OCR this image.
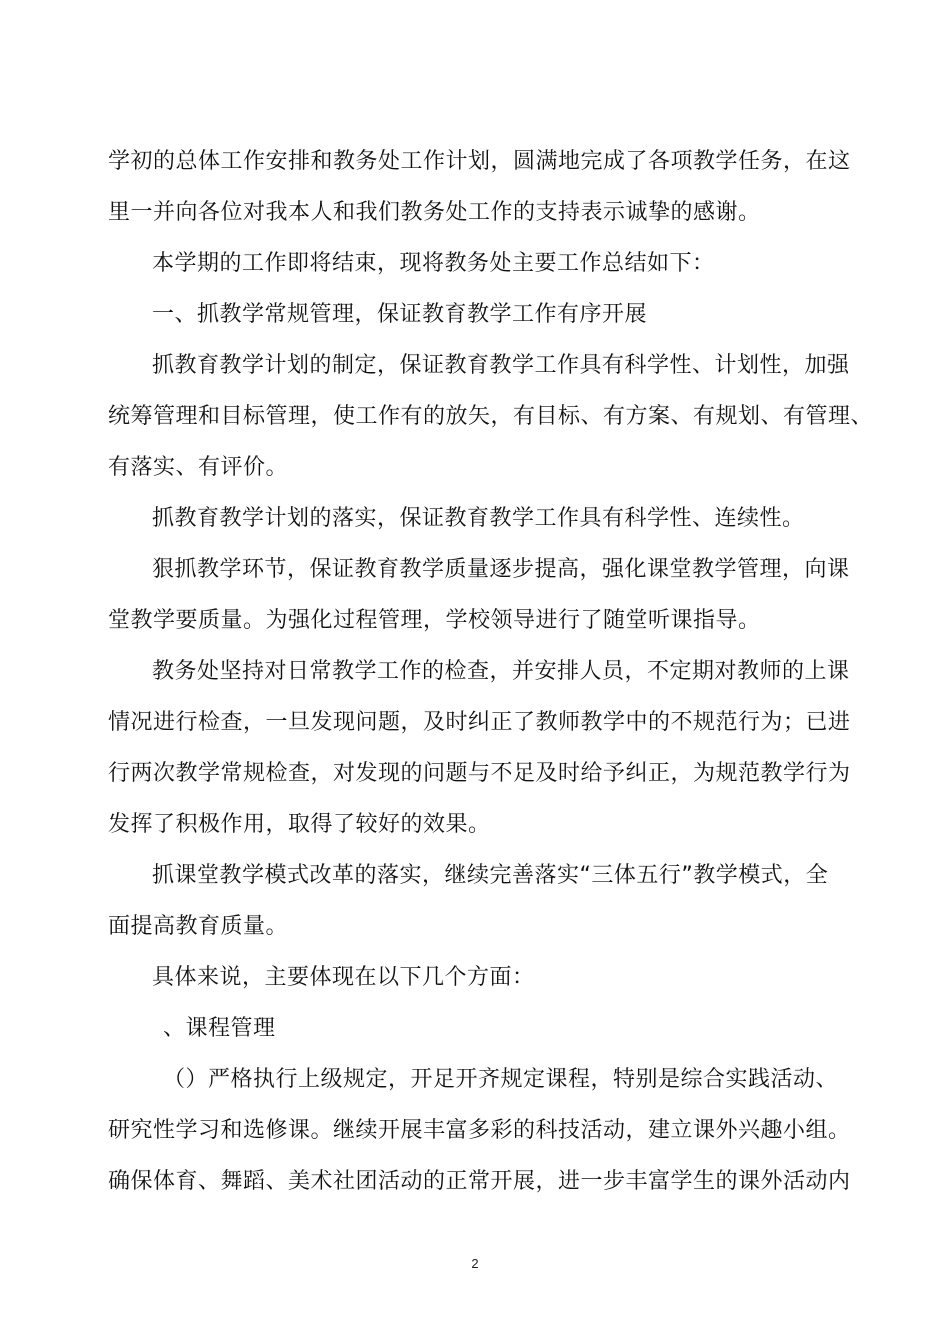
学初的总体工作安排和教务处工作计划，圆满地完成了各项教学任务，在这
里一并向各位对我本人和我们教务处工作的支持表示诚挚的感谢。
本学期的工作即将结束，现将教务处主要工作总结如下：
一、抓教学常规管理，保证教育教学工作有序开展
抓教育教学计划的制定，保证教育教学工作具有科学性、计划性，加强
统筹管理和目标管理，使工作有的放矢，有目标、有方案、有规划、有管理、
有落实、有评价。
抓教育教学计划的落实，保证教育教学工作具有科学性、连续性。
狠抓教学环节，保证教育教学质量逐步提高，强化课堂教学管理，向课
堂教学要质量。为强化过程管理，学校领导进行了随堂听课指导。
教务处坚持对日常教学工作的检查，并安排人员，不定期对教师的上课
情况进行检查，一旦发现问题，及时纠正了教师教学中的不规范行为；已进
行两次教学常规检查，对发现的问题与不足及时给予纠正，为规范教学行为
发挥了积极作用，取得了较好的效果。
抓课堂教学模式改革的落实，继续完善落实“三体五行”教学模式，全
面提高教育质量。
具体来说，主要体现在以下几个方面：
、课程管理
（）严格执行上级规定，开足开齐规定课程，特别是综合实践活动、
研究性学习和选修课。继续开展丰富多彩的科技活动，建立课外兴趣小组。
确保体育、舞蹈、美术社团活动的正常开展，进一步丰富学生的课外活动内
2
